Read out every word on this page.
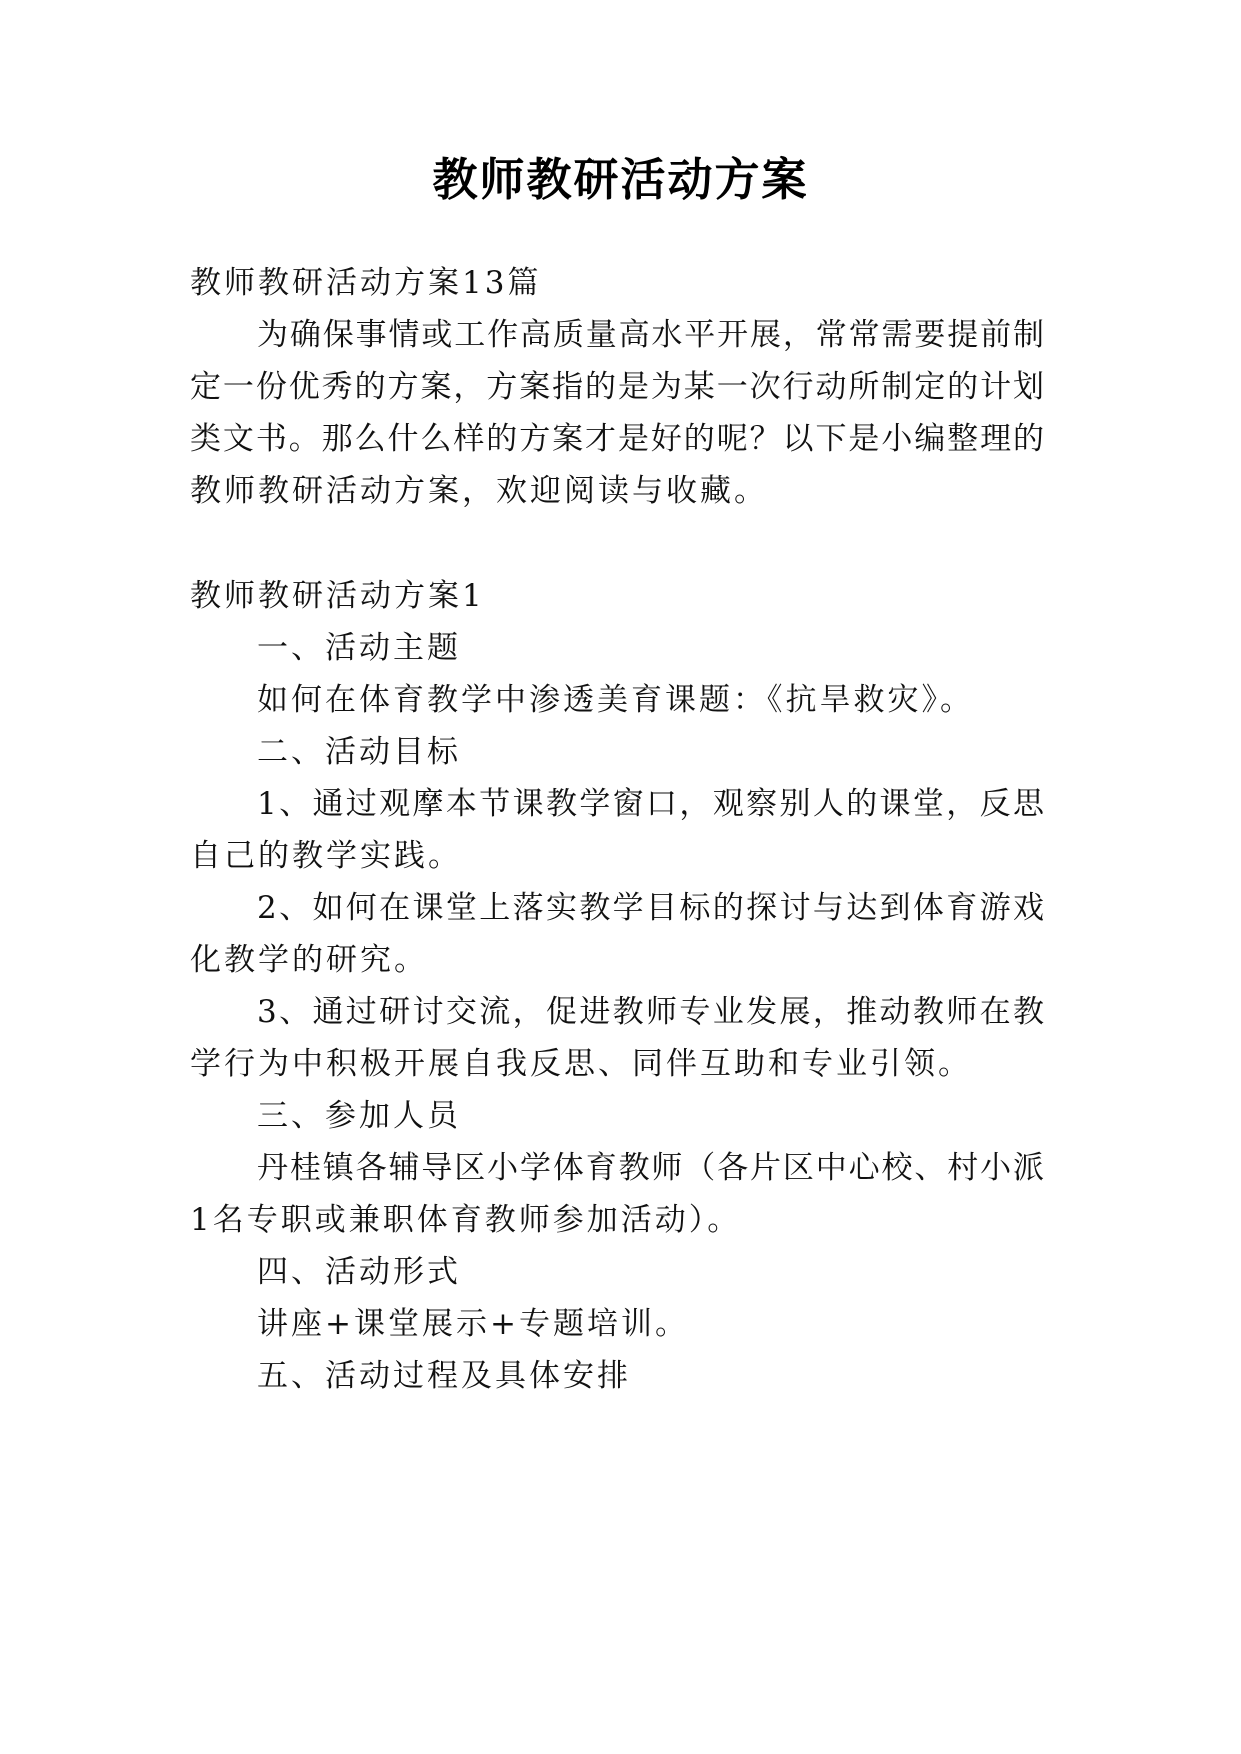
教师教研活动方案
教师教研活动方案13篇
为确保事情或工作高质量高水平开展，常常需要提前制
定一份优秀的方案，方案指的是为某一次行动所制定的计划
类文书。那么什么样的方案才是好的呢？以下是小编整理的
教师教研活动方案，欢迎阅读与收藏。
教师教研活动方案1
一、活动主题
如何在体育教学中渗透美育课题：《抗旱救灾》。
二、活动目标
1、通过观摩本节课教学窗口，观察别人的课堂，反思
自己的教学实践。
2、如何在课堂上落实教学目标的探讨与达到体育游戏
化教学的研究。
3、通过研讨交流，促进教师专业发展，推动教师在教
学行为中积极开展自我反思、同伴互助和专业引领。
三、参加人员
丹桂镇各辅导区小学体育教师（各片区中心校、村小派
1名专职或兼职体育教师参加活动）。
四、活动形式
讲座+课堂展示+专题培训。
五、活动过程及具体安排
